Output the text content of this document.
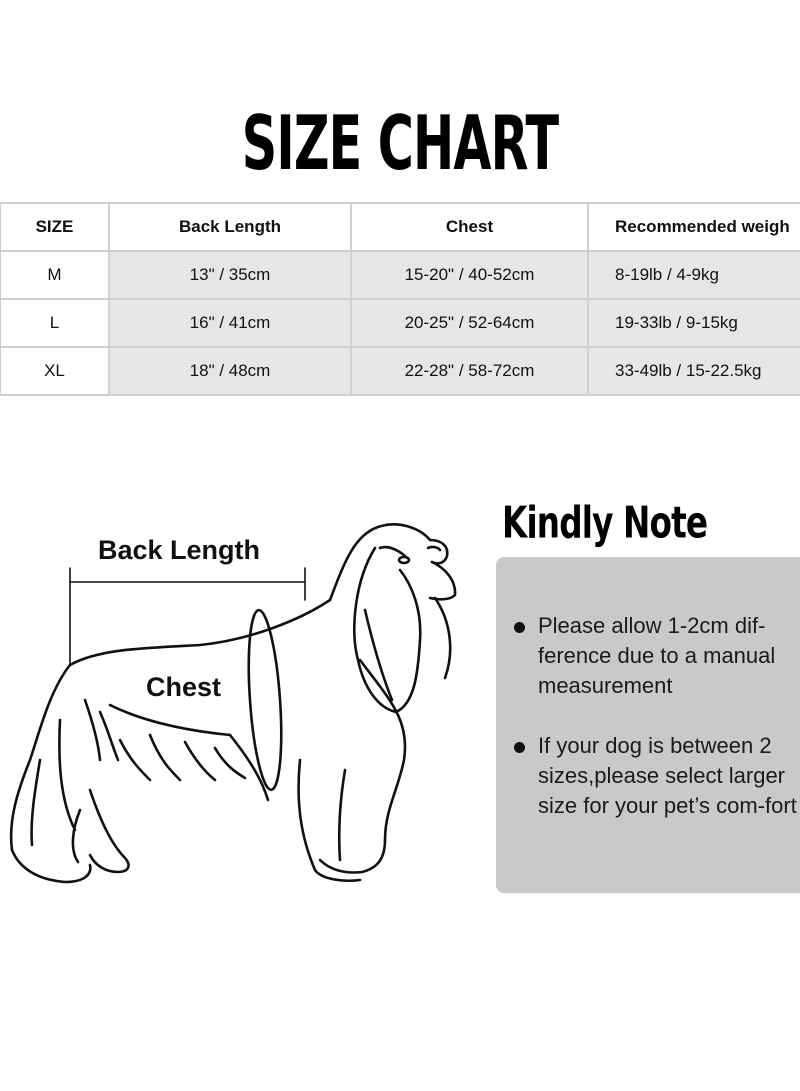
SIZE CHART
SIZE	Back Length	Chest	Recommended weigh
M	13" / 35cm	15-20" / 40-52cm	8-19lb / 4-9kg
L	16" / 41cm	20-25" / 52-64cm	19-33lb / 9-15kg
XL	18" / 48cm	22-28" / 58-72cm	33-49lb / 15-22.5kg
Back Length
Chest
Kindly Note
Please allow 1-2cm dif-ference due to a manual measurement
If your dog is between 2 sizes,please select larger size for your pet’s com-fort
